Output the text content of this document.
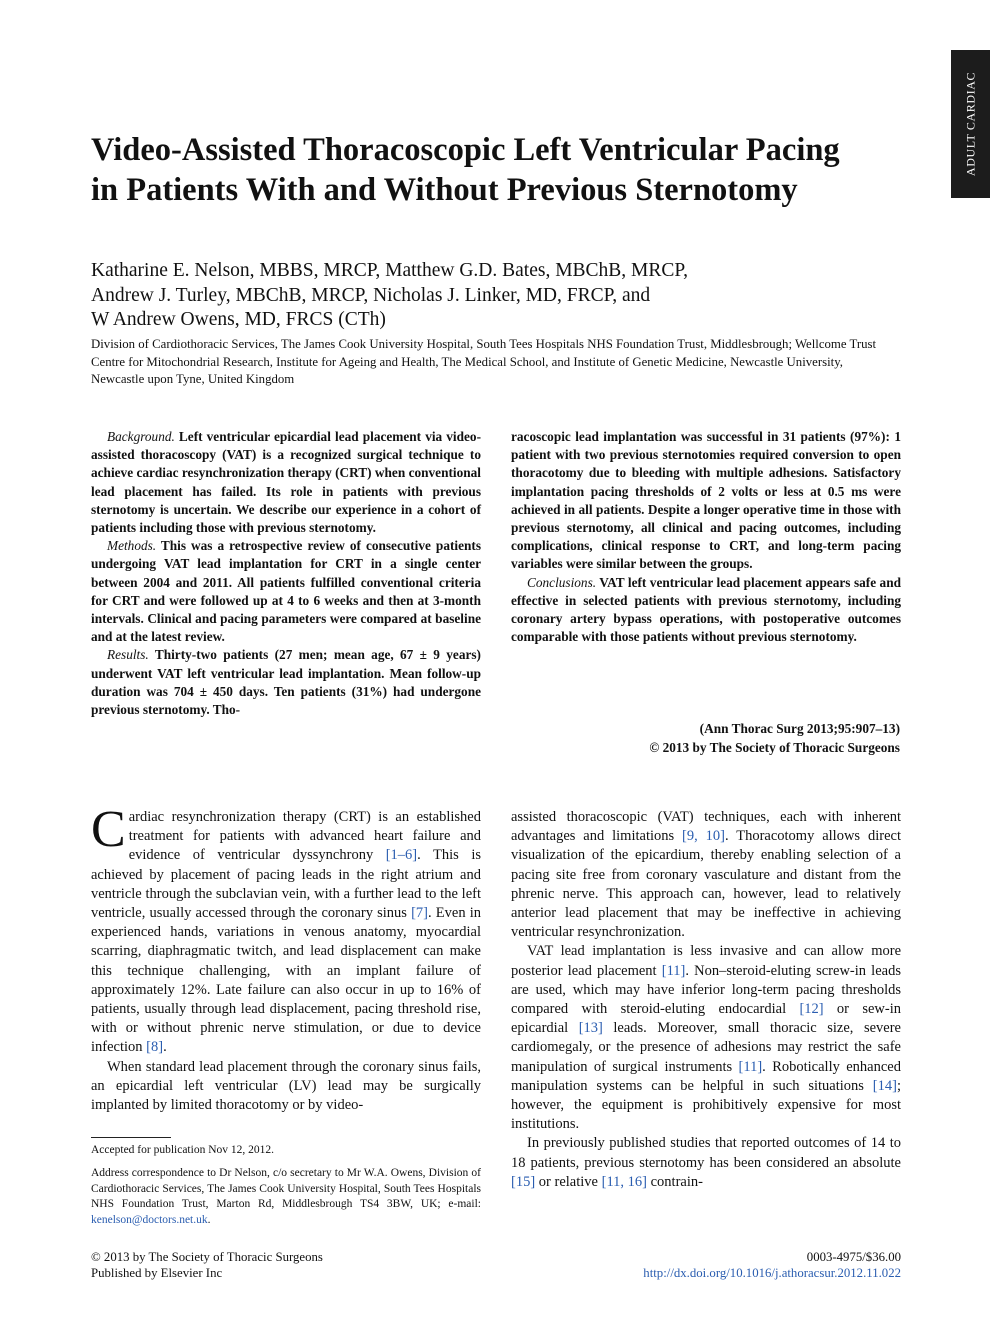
ADULT CARDIAC
Video-Assisted Thoracoscopic Left Ventricular Pacing in Patients With and Without Previous Sternotomy
Katharine E. Nelson, MBBS, MRCP, Matthew G.D. Bates, MBChB, MRCP,
Andrew J. Turley, MBChB, MRCP, Nicholas J. Linker, MD, FRCP, and
W Andrew Owens, MD, FRCS (CTh)

Division of Cardiothoracic Services, The James Cook University Hospital, South Tees Hospitals NHS Foundation Trust, Middlesbrough; Wellcome Trust Centre for Mitochondrial Research, Institute for Ageing and Health, The Medical School, and Institute of Genetic Medicine, Newcastle University, Newcastle upon Tyne, United Kingdom

Background. Left ventricular epicardial lead placement via video-assisted thoracoscopy (VAT) is a recognized surgical technique to achieve cardiac resynchronization therapy (CRT) when conventional lead placement has failed. Its role in patients with previous sternotomy is uncertain. We describe our experience in a cohort of patients including those with previous sternotomy.

Methods. This was a retrospective review of consecutive patients undergoing VAT lead implantation for CRT in a single center between 2004 and 2011. All patients fulfilled conventional criteria for CRT and were followed up at 4 to 6 weeks and then at 3-month intervals. Clinical and pacing parameters were compared at baseline and at the latest review.

Results. Thirty-two patients (27 men; mean age, 67 ± 9 years) underwent VAT left ventricular lead implantation. Mean follow-up duration was 704 ± 450 days. Ten patients (31%) had undergone previous sternotomy. Tho-

racoscopic lead implantation was successful in 31 patients (97%): 1 patient with two previous sternotomies required conversion to open thoracotomy due to bleeding with multiple adhesions. Satisfactory implantation pacing thresholds of 2 volts or less at 0.5 ms were achieved in all patients. Despite a longer operative time in those with previous sternotomy, all clinical and pacing outcomes, including complications, clinical response to CRT, and long-term pacing variables were similar between the groups.

Conclusions. VAT left ventricular lead placement appears safe and effective in selected patients with previous sternotomy, including coronary artery bypass operations, with postoperative outcomes comparable with those patients without previous sternotomy.

(Ann Thorac Surg 2013;95:907–13)
© 2013 by The Society of Thoracic Surgeons

Cardiac resynchronization therapy (CRT) is an established treatment for patients with advanced heart failure and evidence of ventricular dyssynchrony [1–6]. This is achieved by placement of pacing leads in the right atrium and ventricle through the subclavian vein, with a further lead to the left ventricle, usually accessed through the coronary sinus [7]. Even in experienced hands, variations in venous anatomy, myocardial scarring, diaphragmatic twitch, and lead displacement can make this technique challenging, with an implant failure of approximately 12%. Late failure can also occur in up to 16% of patients, usually through lead displacement, pacing threshold rise, with or without phrenic nerve stimulation, or due to device infection [8].

When standard lead placement through the coronary sinus fails, an epicardial left ventricular (LV) lead may be surgically implanted by limited thoracotomy or by video-

assisted thoracoscopic (VAT) techniques, each with inherent advantages and limitations [9, 10]. Thoracotomy allows direct visualization of the epicardium, thereby enabling selection of a pacing site free from coronary vasculature and distant from the phrenic nerve. This approach can, however, lead to relatively anterior lead placement that may be ineffective in achieving ventricular resynchronization.

VAT lead implantation is less invasive and can allow more posterior lead placement [11]. Non–steroid-eluting screw-in leads are used, which may have inferior long-term pacing thresholds compared with steroid-eluting endocardial [12] or sew-in epicardial [13] leads. Moreover, small thoracic size, severe cardiomegaly, or the presence of adhesions may restrict the safe manipulation of surgical instruments [11]. Robotically enhanced manipulation systems can be helpful in such situations [14]; however, the equipment is prohibitively expensive for most institutions.

In previously published studies that reported outcomes of 14 to 18 patients, previous sternotomy has been considered an absolute [15] or relative [11, 16] contrain-

Accepted for publication Nov 12, 2012.

Address correspondence to Dr Nelson, c/o secretary to Mr W.A. Owens, Division of Cardiothoracic Services, The James Cook University Hospital, South Tees Hospitals NHS Foundation Trust, Marton Rd, Middlesbrough TS4 3BW, UK; e-mail: kenelson@doctors.net.uk.

© 2013 by The Society of Thoracic Surgeons
Published by Elsevier Inc
0003-4975/$36.00
http://dx.doi.org/10.1016/j.athoracsur.2012.11.022
